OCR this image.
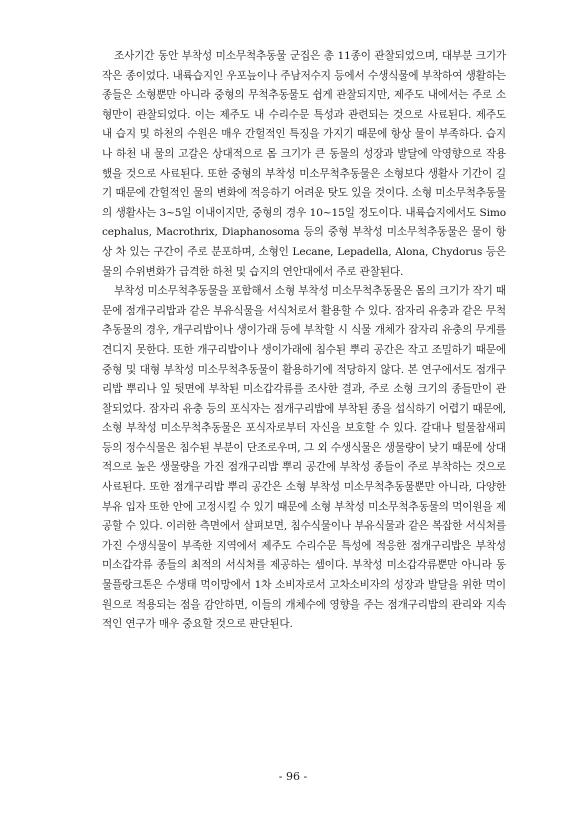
조사기간 동안 부착성 미소무척추동물 군집은 총 11종이 관찰되었으며, 대부분 크기가 작은 종이었다. 내륙습지인 우포늪이나 주남저수지 등에서 수생식물에 부착하여 생활하는 종들은 소형뿐만 아니라 중형의 무척추동물도 쉽게 관찰되지만, 제주도 내에서는 주로 소형만이 관찰되었다. 이는 제주도 내 수리수문 특성과 관련되는 것으로 사료된다. 제주도 내 습지 및 하천의 수원은 매우 간헐적인 특징을 가지기 때문에 항상 물이 부족하다. 습지나 하천 내 물의 고갈은 상대적으로 몸 크기가 큰 동물의 성장과 발달에 악영향으로 작용했을 것으로 사료된다. 또한 중형의 부착성 미소무척추동물은 소형보다 생활사 기간이 길기 때문에 간헐적인 물의 변화에 적응하기 어려운 탓도 있을 것이다. 소형 미소무척추동물의 생활사는 3~5일 이내이지만, 중형의 경우 10~15일 정도이다. 내륙습지에서도 Simocephalus, Macrothrix, Diaphanosoma 등의 중형 부착성 미소무척추동물은 물이 항상 차 있는 구간이 주로 분포하며, 소형인 Lecane, Lepadella, Alona, Chydorus 등은 물의 수위변화가 급격한 하천 및 습지의 연안대에서 주로 관찰된다.

부착성 미소무척추동물을 포함해서 소형 부착성 미소무척추동물은 몸의 크기가 작기 때문에 점개구리밥과 같은 부유식물을 서식처로서 활용할 수 있다. 잠자리 유충과 같은 무척추동물의 경우, 개구리밥이나 생이가래 등에 부착할 시 식물 개체가 잠자리 유충의 무게를 견디지 못한다. 또한 개구리밥이나 생이가래에 침수된 뿌리 공간은 작고 조밀하기 때문에 중형 및 대형 부착성 미소무척추동물이 활용하기에 적당하지 않다. 본 연구에서도 점개구리밥 뿌리나 잎 뒷면에 부착된 미소갑각류를 조사한 결과, 주로 소형 크기의 종들만이 관찰되었다. 잠자리 유충 등의 포식자는 점개구리밥에 부착된 종을 섭식하기 어렵기 때문에, 소형 부착성 미소무척추동물은 포식자로부터 자신을 보호할 수 있다. 갈대나 털물참새피 등의 정수식물은 침수된 부분이 단조로우며, 그 외 수생식물은 생물량이 낮기 때문에 상대적으로 높은 생물량을 가진 점개구리밥 뿌리 공간에 부착성 종들이 주로 부착하는 것으로 사료된다. 또한 점개구리밥 뿌리 공간은 소형 부착성 미소무척추동물뿐만 아니라, 다양한 부유 입자 또한 안에 고정시킬 수 있기 때문에 소형 부착성 미소무척추동물의 먹이원을 제공할 수 있다. 이러한 측면에서 살펴보면, 침수식물이나 부유식물과 같은 복잡한 서식처를 가진 수생식물이 부족한 지역에서 제주도 수리수문 특성에 적응한 점개구리밥은 부착성 미소갑각류 종들의 최적의 서식처를 제공하는 셈이다. 부착성 미소갑각류뿐만 아니라 동물플랑크톤은 수생태 먹이망에서 1차 소비자로서 고차소비자의 성장과 발달을 위한 먹이원으로 적용되는 점을 감안하면, 이들의 개체수에 영향을 주는 점개구리밥의 관리와 지속적인 연구가 매우 중요할 것으로 판단된다.

- 96 -
